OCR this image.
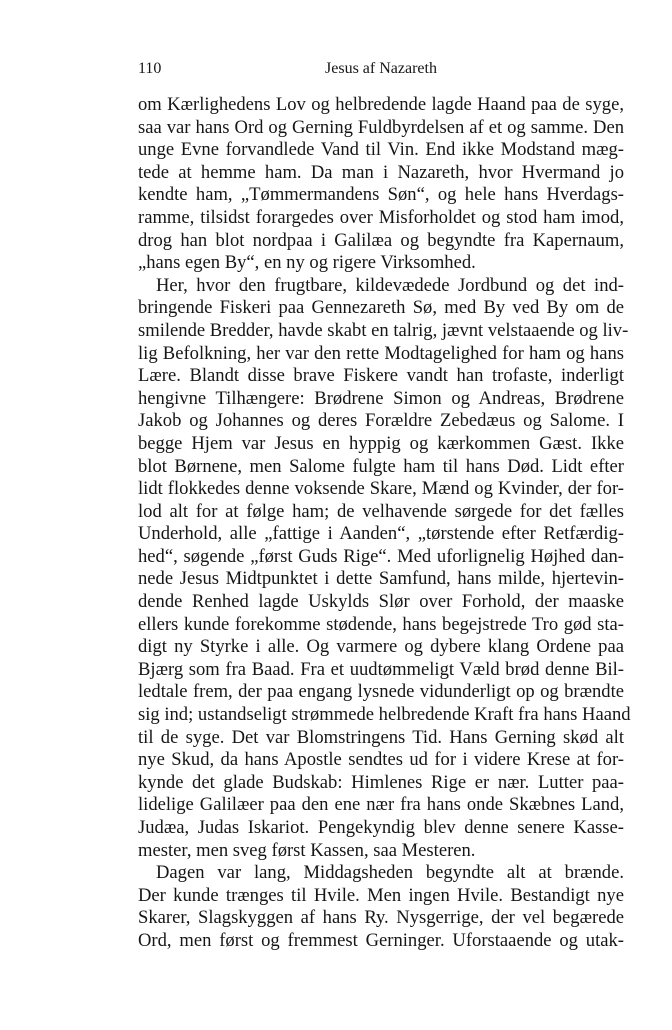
110	Jesus af Nazareth
om Kærlighedens Lov og helbredende lagde Haand paa de syge,
saa var hans Ord og Gerning Fuldbyrdelsen af et og samme. Den
unge Evne forvandlede Vand til Vin. End ikke Modstand mæg-
tede at hemme ham. Da man i Nazareth, hvor Hvermand jo
kendte ham, „Tømmermandens Søn“, og hele hans Hverdags-
ramme, tilsidst forargedes over Misforholdet og stod ham imod,
drog han blot nordpaa i Galilæa og begyndte fra Kapernaum,
„hans egen By“, en ny og rigere Virksomhed.
Her, hvor den frugtbare, kildevædede Jordbund og det ind-
bringende Fiskeri paa Gennezareth Sø, med By ved By om de
smilende Bredder, havde skabt en talrig, jævnt velstaaende og liv-
lig Befolkning, her var den rette Modtagelighed for ham og hans
Lære. Blandt disse brave Fiskere vandt han trofaste, inderligt
hengivne Tilhængere: Brødrene Simon og Andreas, Brødrene
Jakob og Johannes og deres Forældre Zebedæus og Salome. I
begge Hjem var Jesus en hyppig og kærkommen Gæst. Ikke
blot Børnene, men Salome fulgte ham til hans Død. Lidt efter
lidt flokkedes denne voksende Skare, Mænd og Kvinder, der for-
lod alt for at følge ham; de velhavende sørgede for det fælles
Underhold, alle „fattige i Aanden“, „tørstende efter Retfærdig-
hed“, søgende „først Guds Rige“. Med uforlignelig Højhed dan-
nede Jesus Midtpunktet i dette Samfund, hans milde, hjertevin-
dende Renhed lagde Uskylds Slør over Forhold, der maaske
ellers kunde forekomme stødende, hans begejstrede Tro gød sta-
digt ny Styrke i alle. Og varmere og dybere klang Ordene paa
Bjærg som fra Baad. Fra et uudtømmeligt Væld brød denne Bil-
ledtale frem, der paa engang lysnede vidunderligt op og brændte
sig ind; ustandseligt strømmede helbredende Kraft fra hans Haand
til de syge. Det var Blomstringens Tid. Hans Gerning skød alt
nye Skud, da hans Apostle sendtes ud for i videre Krese at for-
kynde det glade Budskab: Himlenes Rige er nær. Lutter paa-
lidelige Galilæer paa den ene nær fra hans onde Skæbnes Land,
Judæa, Judas Iskariot. Pengekyndig blev denne senere Kasse-
mester, men sveg først Kassen, saa Mesteren.
Dagen var lang, Middagsheden begyndte alt at brænde.
Der kunde trænges til Hvile. Men ingen Hvile. Bestandigt nye
Skarer, Slagskyggen af hans Ry. Nysgerrige, der vel begærede
Ord, men først og fremmest Gerninger. Uforstaaende og utak-
